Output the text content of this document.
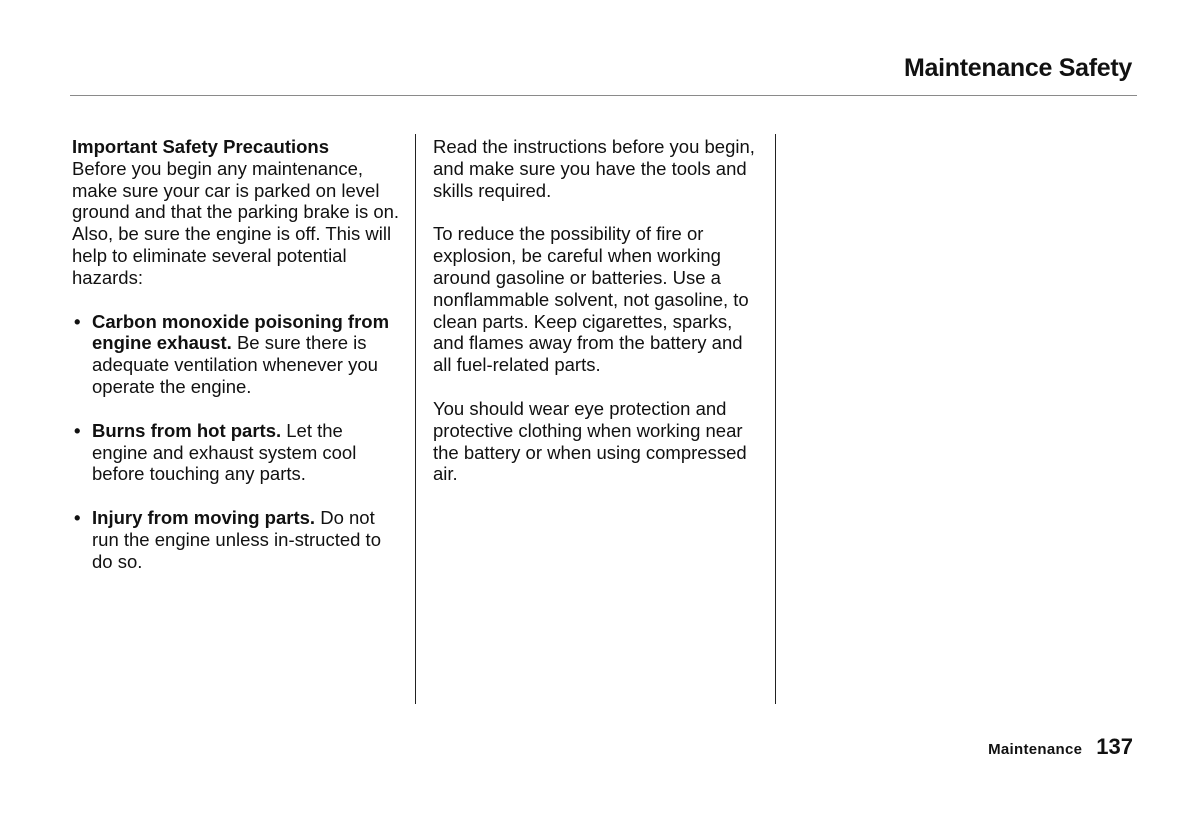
Maintenance Safety
Important Safety Precautions

Before you begin any maintenance, make sure your car is parked on level ground and that the parking brake is on. Also, be sure the engine is off. This will help to eliminate several potential hazards:

• Carbon monoxide poisoning from engine exhaust. Be sure there is adequate ventilation whenever you operate the engine.
• Burns from hot parts. Let the engine and exhaust system cool before touching any parts.
• Injury from moving parts. Do not run the engine unless in-structed to do so.

Read the instructions before you begin, and make sure you have the tools and skills required.

To reduce the possibility of fire or explosion, be careful when working around gasoline or batteries. Use a nonflammable solvent, not gasoline, to clean parts. Keep cigarettes, sparks, and flames away from the battery and all fuel-related parts.

You should wear eye protection and protective clothing when working near the battery or when using compressed air.

Maintenance 137
